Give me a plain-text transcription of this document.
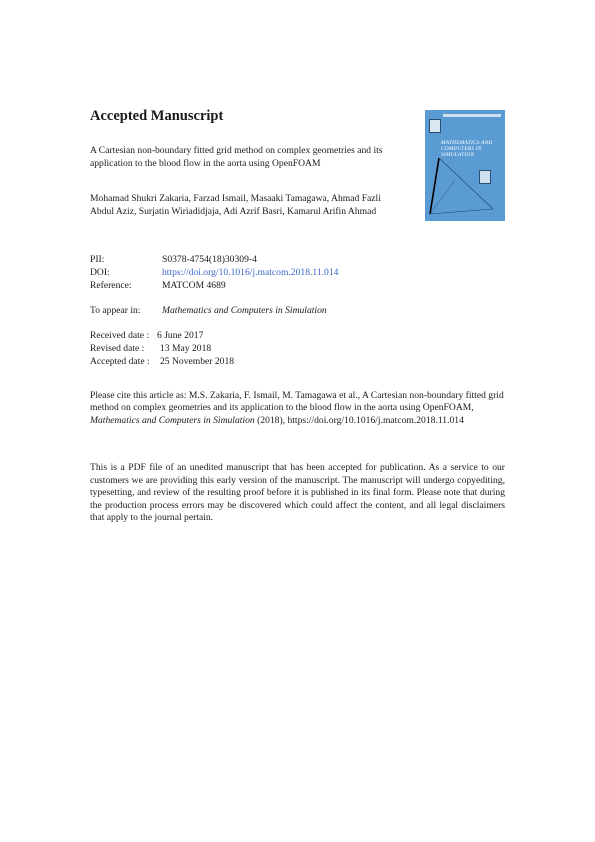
Accepted Manuscript
A Cartesian non-boundary fitted grid method on complex geometries and its application to the blood flow in the aorta using OpenFOAM
Mohamad Shukri Zakaria, Farzad Ismail, Masaaki Tamagawa, Ahmad Fazli Abdul Aziz, Surjatin Wiriadidjaja, Adi Azrif Basri, Kamarul Arifin Ahmad
PII:	S0378-4754(18)30309-4
DOI:	https://doi.org/10.1016/j.matcom.2018.11.014
Reference:	MATCOM 4689
To appear in: Mathematics and Computers in Simulation
Received date : 6 June 2017
Revised date : 13 May 2018
Accepted date : 25 November 2018
Please cite this article as: M.S. Zakaria, F. Ismail, M. Tamagawa et al., A Cartesian non-boundary fitted grid method on complex geometries and its application to the blood flow in the aorta using OpenFOAM, Mathematics and Computers in Simulation (2018), https://doi.org/10.1016/j.matcom.2018.11.014
This is a PDF file of an unedited manuscript that has been accepted for publication. As a service to our customers we are providing this early version of the manuscript. The manuscript will undergo copyediting, typesetting, and review of the resulting proof before it is published in its final form. Please note that during the production process errors may be discovered which could affect the content, and all legal disclaimers that apply to the journal pertain.
MATHEMATICS AND COMPUTERS IN SIMULATION
